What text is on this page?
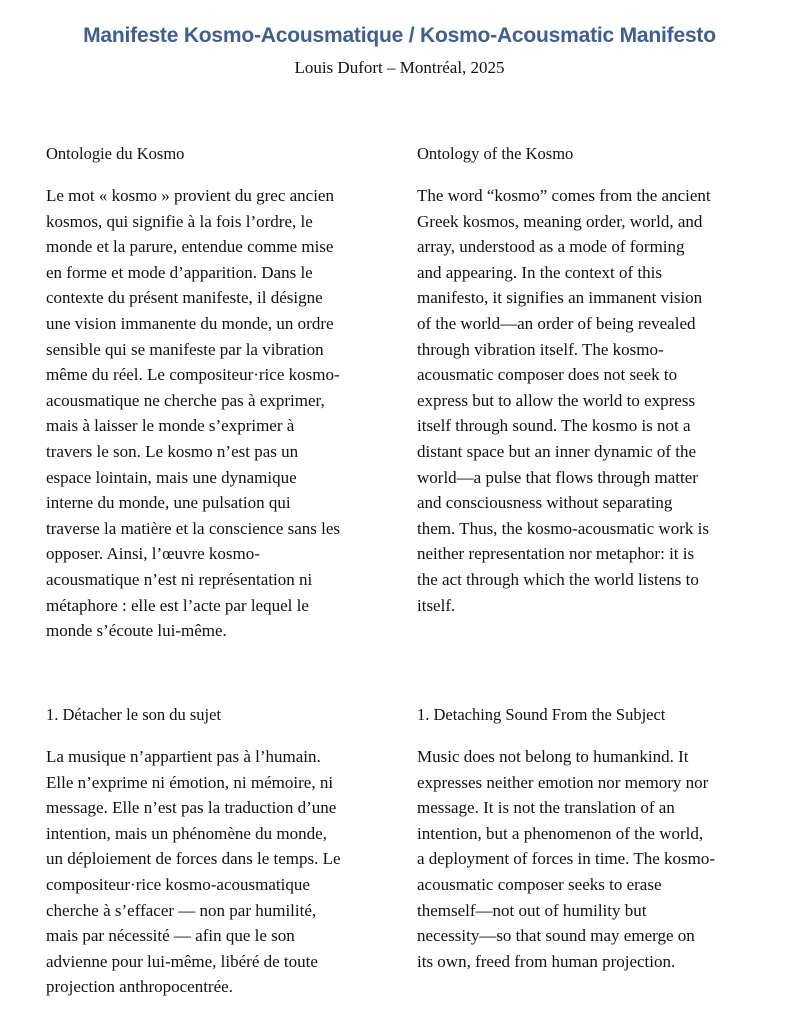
Manifeste Kosmo-Acousmatique / Kosmo-Acousmatic Manifesto
Louis Dufort – Montréal, 2025

Ontologie du Kosmo

Le mot « kosmo » provient du grec ancien
kosmos, qui signifie à la fois l’ordre, le
monde et la parure, entendue comme mise
en forme et mode d’apparition. Dans le
contexte du présent manifeste, il désigne
une vision immanente du monde, un ordre
sensible qui se manifeste par la vibration
même du réel. Le compositeur·rice kosmo-
acousmatique ne cherche pas à exprimer,
mais à laisser le monde s’exprimer à
travers le son. Le kosmo n’est pas un
espace lointain, mais une dynamique
interne du monde, une pulsation qui
traverse la matière et la conscience sans les
opposer. Ainsi, l’œuvre kosmo-
acousmatique n’est ni représentation ni
métaphore : elle est l’acte par lequel le
monde s’écoute lui-même.

Ontology of the Kosmo

The word “kosmo” comes from the ancient
Greek kosmos, meaning order, world, and
array, understood as a mode of forming
and appearing. In the context of this
manifesto, it signifies an immanent vision
of the world—an order of being revealed
through vibration itself. The kosmo-
acousmatic composer does not seek to
express but to allow the world to express
itself through sound. The kosmo is not a
distant space but an inner dynamic of the
world—a pulse that flows through matter
and consciousness without separating
them. Thus, the kosmo-acousmatic work is
neither representation nor metaphor: it is
the act through which the world listens to
itself.

1. Détacher le son du sujet

La musique n’appartient pas à l’humain.
Elle n’exprime ni émotion, ni mémoire, ni
message. Elle n’est pas la traduction d’une
intention, mais un phénomène du monde,
un déploiement de forces dans le temps. Le
compositeur·rice kosmo-acousmatique
cherche à s’effacer — non par humilité,
mais par nécessité — afin que le son
advienne pour lui-même, libéré de toute
projection anthropocentrée.

1. Detaching Sound From the Subject

Music does not belong to humankind. It
expresses neither emotion nor memory nor
message. It is not the translation of an
intention, but a phenomenon of the world,
a deployment of forces in time. The kosmo-
acousmatic composer seeks to erase
themself—not out of humility but
necessity—so that sound may emerge on
its own, freed from human projection.
